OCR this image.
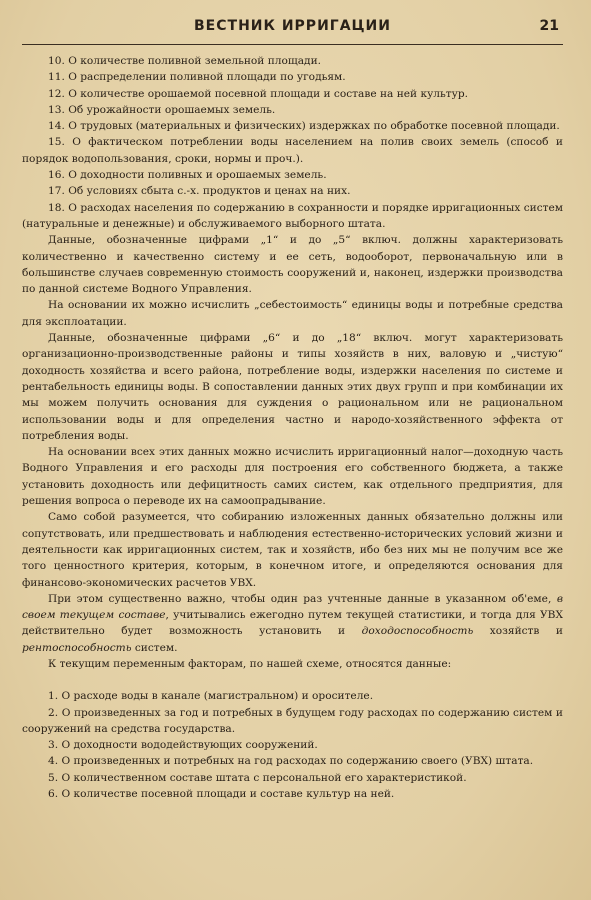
ВЕСТНИК ИРРИГАЦИИ	21

10. О количестве поливной земельной площади.

11. О распределении поливной площади по угодьям.

12. О количестве орошаемой посевной площади и составе на ней культур.

13. Об урожайности орошаемых земель.

14. О трудовых (материальных и физических) издержках по обработке посевной площади.

15. О фактическом потреблении воды населением на полив своих земель (способ и порядок водопользования, сроки, нормы и проч.).

16. О доходности поливных и орошаемых земель.

17. Об условиях сбыта с.-х. продуктов и ценах на них.

18. О расходах населения по содержанию в сохранности и порядке ирригационных систем (натуральные и денежные) и обслуживаемого выборного штата.

Данные, обозначенные цифрами „1“ и до „5“ включ. должны характеризовать количественно и качественно систему и ее сеть, водооборот, первоначальную или в большинстве случаев современную стоимость сооружений и, наконец, издержки производства по данной системе Водного Управления.

На основании их можно исчислить „себестоимость“ единицы воды и потребные средства для эксплоатации.

Данные, обозначенные цифрами „6“ и до „18“ включ. могут характеризовать организационно-производственные районы и типы хозяйств в них, валовую и „чистую“ доходность хозяйства и всего района, потребление воды, издержки населения по системе и рентабельность единицы воды. В сопоставлении данных этих двух групп и при комбинации их мы можем получить основания для суждения о рациональном или не рациональном использовании воды и для определения частно и народо-хозяйственного эффекта от потребления воды.

На основании всех этих данных можно исчислить ирригационный налог—доходную часть Водного Управления и его расходы для построения его собственного бюджета, а также установить доходность или дефицитность самих систем, как отдельного предприятия, для решения вопроса о переводе их на самоопрадывание.

Само собой разумеется, что собиранию изложенных данных обязательно должны или сопутствовать, или предшествовать и наблюдения естественно-исторических условий жизни и деятельности как ирригационных систем, так и хозяйств, ибо без них мы не получим все же того ценностного критерия, которым, в конечном итоге, и определяются основания для финансово-экономических расчетов УВХ.

При этом существенно важно, чтобы один раз учтенные данные в указанном об'еме, в своем текущем составе, учитывались ежегодно путем текущей статистики, и тогда для УВХ действительно будет возможность установить и доходоспособность хозяйств и рентоспособность систем.

К текущим переменным факторам, по нашей схеме, относятся данные:

1. О расходе воды в канале (магистральном) и оросителе.

2. О произведенных за год и потребных в будущем году расходах по содержанию систем и сооружений на средства государства.

3. О доходности вододействующих сооружений.

4. О произведенных и потребных на год расходах по содержанию своего (УВХ) штата.

5. О количественном составе штата с персональной его характеристикой.

6. О количестве посевной площади и составе культур на ней.
